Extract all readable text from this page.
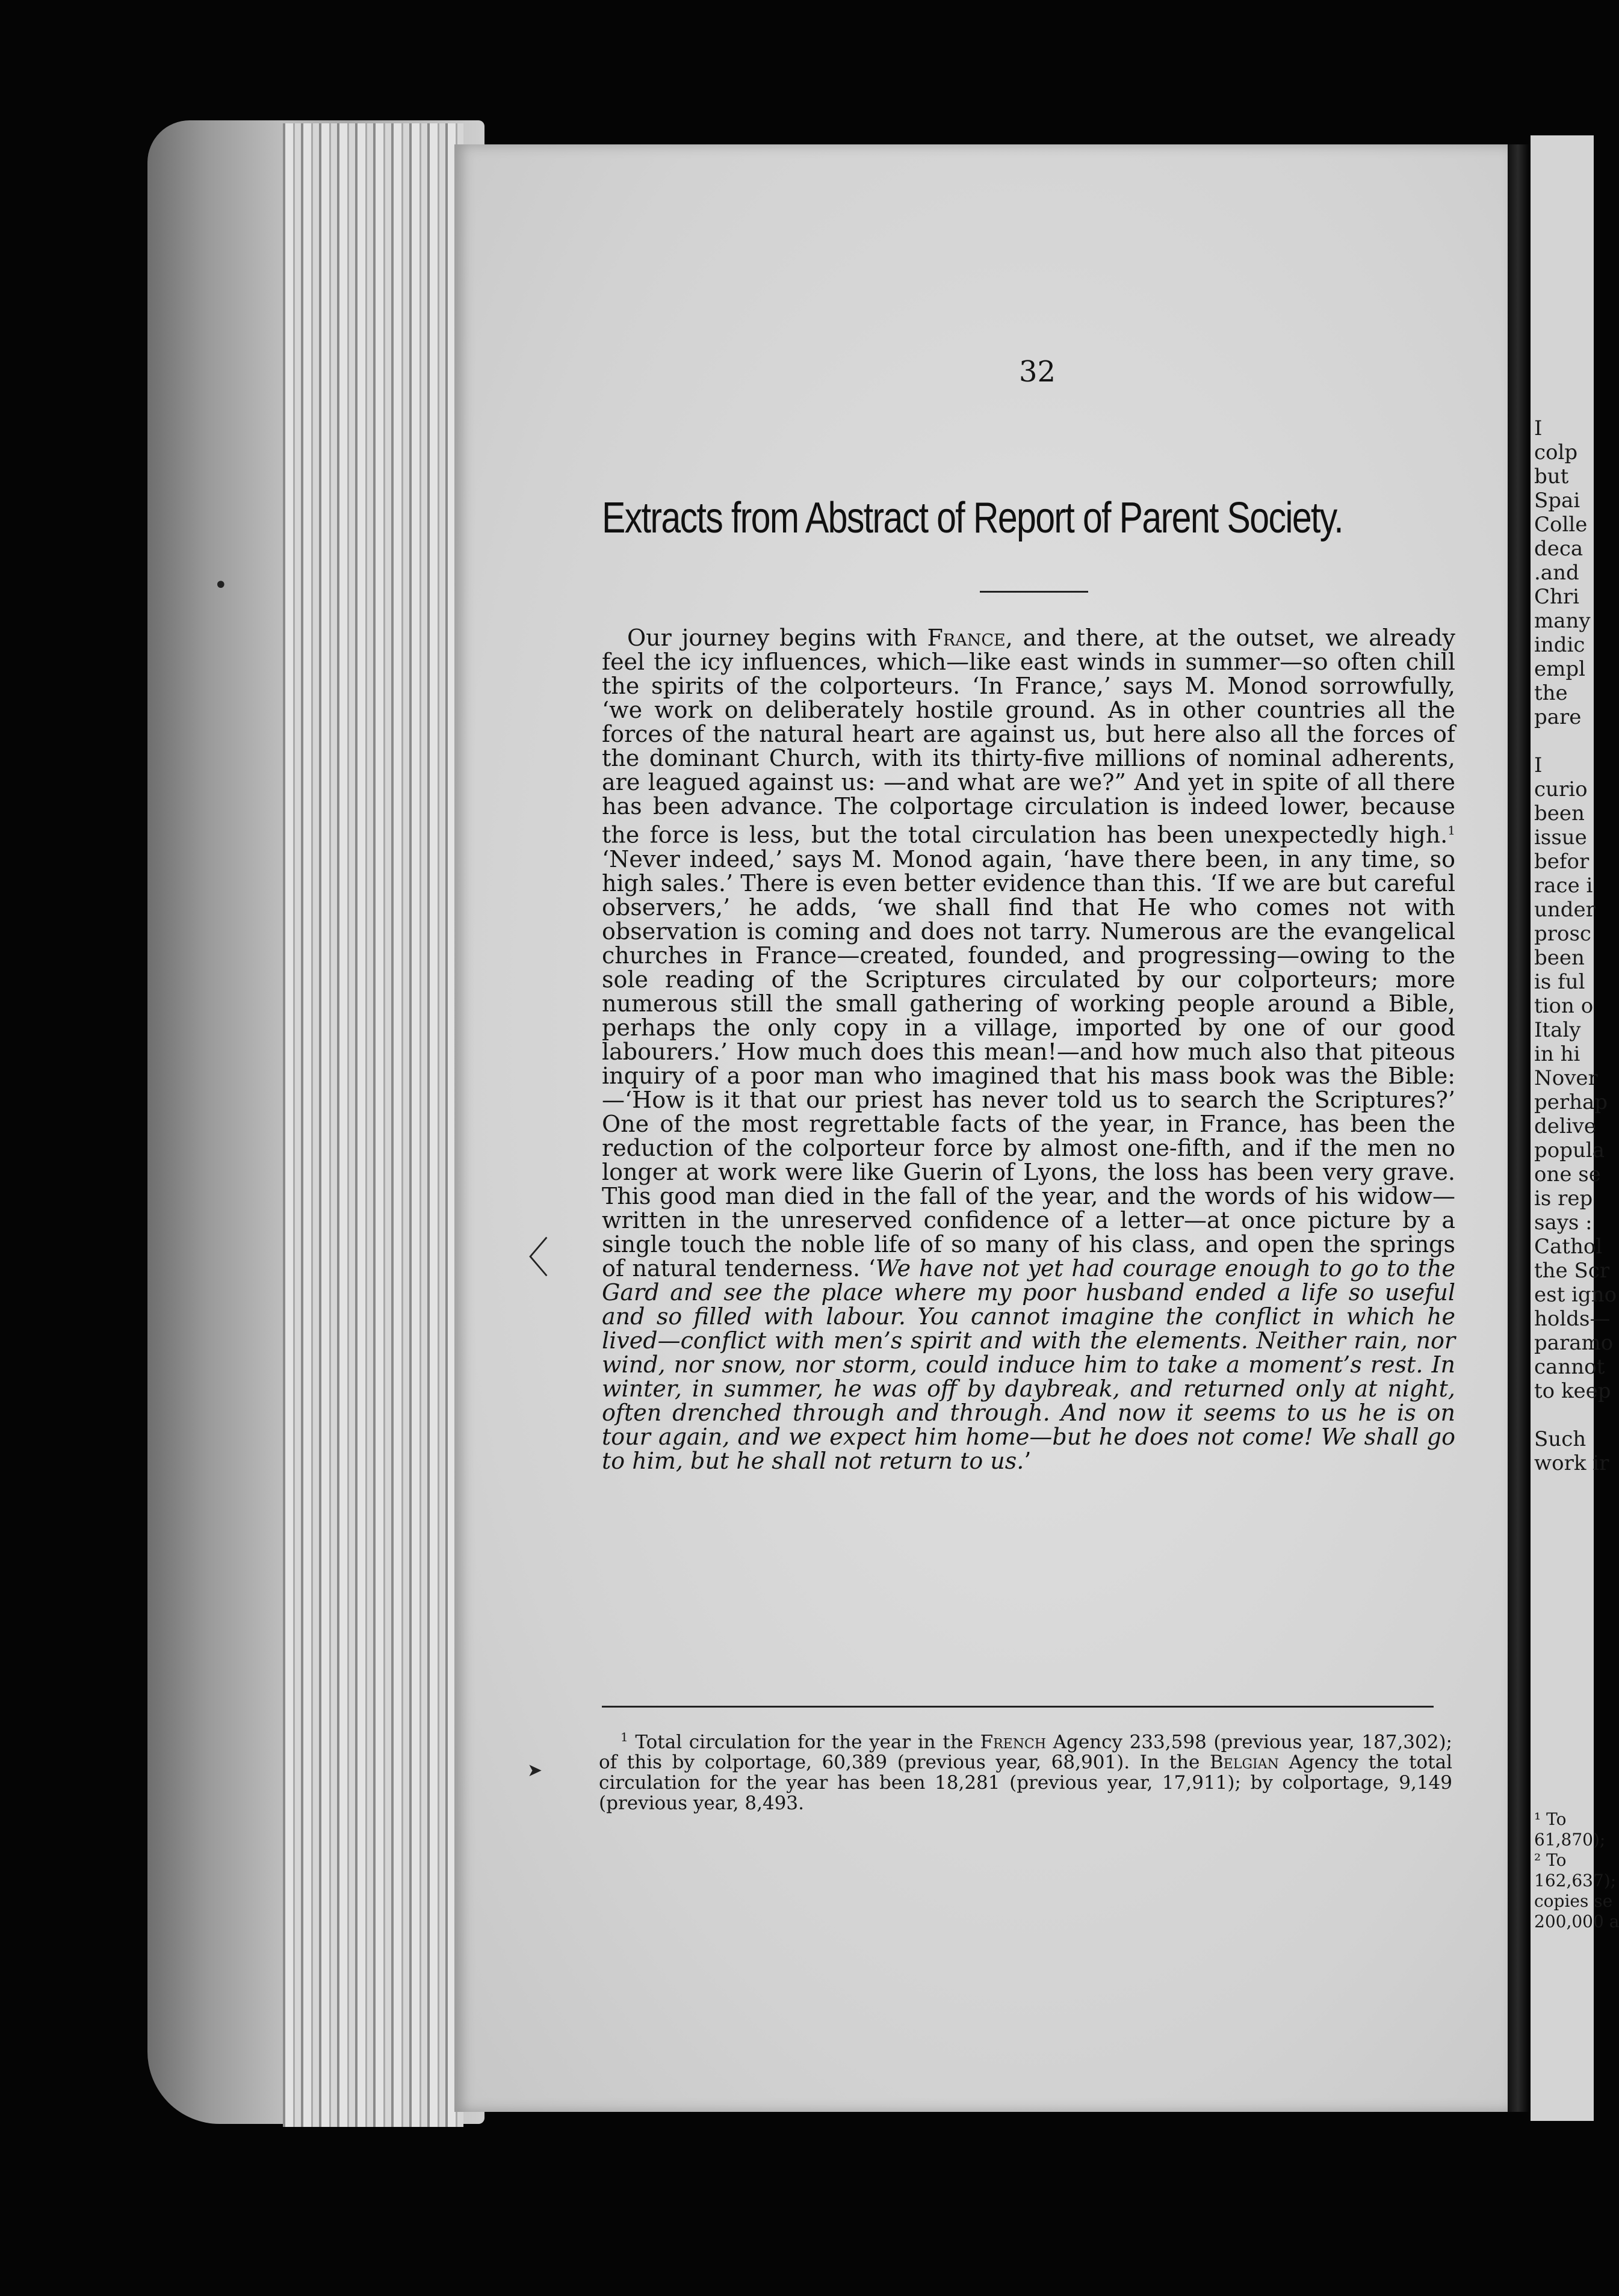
I
colp
but
Spai
Colle
deca
.and
Chri
many
indic
empl
the
pare
I
curio
been
issue
befor
race i
under
prosc
been
is ful
tion o
Italy
in hi
Nover
perhap
delive
popula
one se
is rep
says :
Cathol
the Scr
est igno
holds—
paramo
cannot
to keep
Such
work ir
¹ To
61,870);
² To
162,637);
copies se
200,000 a
32
Extracts from Abstract of Report of Parent Society.

Our journey begins with France, and there, at the outset, we already feel the icy influences, which—like east winds in summer—so often chill the spirits of the colporteurs. ‘In France,’ says M. Monod sorrowfully, ‘we work on deliberately hostile ground. As in other countries all the forces of the natural heart are against us, but here also all the forces of the dominant Church, with its thirty-five millions of nominal adherents, are leagued against us: —and what are we?” And yet in spite of all there has been advance. The colportage circulation is indeed lower, because the force is less, but the total circulation has been unexpectedly high.$^1$ ‘Never indeed,’ says M. Monod again, ‘have there been, in any time, so high sales.’ There is even better evidence than this. ‘If we are but careful observers,’ he adds, ‘we shall find that He who comes not with observation is coming and does not tarry. Numerous are the evangelical churches in France—created, founded, and progressing—owing to the sole reading of the Scriptures circulated by our colporteurs; more numerous still the small gathering of working people around a Bible, perhaps the only copy in a village, imported by one of our good labourers.’ How much does this mean!—and how much also that piteous inquiry of a poor man who imagined that his mass book was the Bible:—‘How is it that our priest has never told us to search the Scriptures?’ One of the most regrettable facts of the year, in France, has been the reduction of the colporteur force by almost one-fifth, and if the men no longer at work were like Guerin of Lyons, the loss has been very grave. This good man died in the fall of the year, and the words of his widow—written in the unreserved confidence of a letter—at once picture by a single touch the noble life of so many of his class, and open the springs of natural tenderness. ‘We have not yet had courage enough to go to the Gard and see the place where my poor husband ended a life so useful and so filled with labour. You cannot imagine the conflict in which he lived—conflict with men’s spirit and with the elements. Neither rain, nor wind, nor snow, nor storm, could induce him to take a moment’s rest. In winter, in summer, he was off by daybreak, and returned only at night, often drenched through and through. And now it seems to us he is on tour again, and we expect him home—but he does not come! We shall go to him, but he shall not return to us.’

$^1$ Total circulation for the year in the French Agency 233,598 (previous year, 187,302); of this by colportage, 60,389 (previous year, 68,901). In the Belgian Agency the total circulation for the year has been 18,281 (previous year, 17,911); by colportage, 9,149 (previous year, 8,493.

•
➤
〈
